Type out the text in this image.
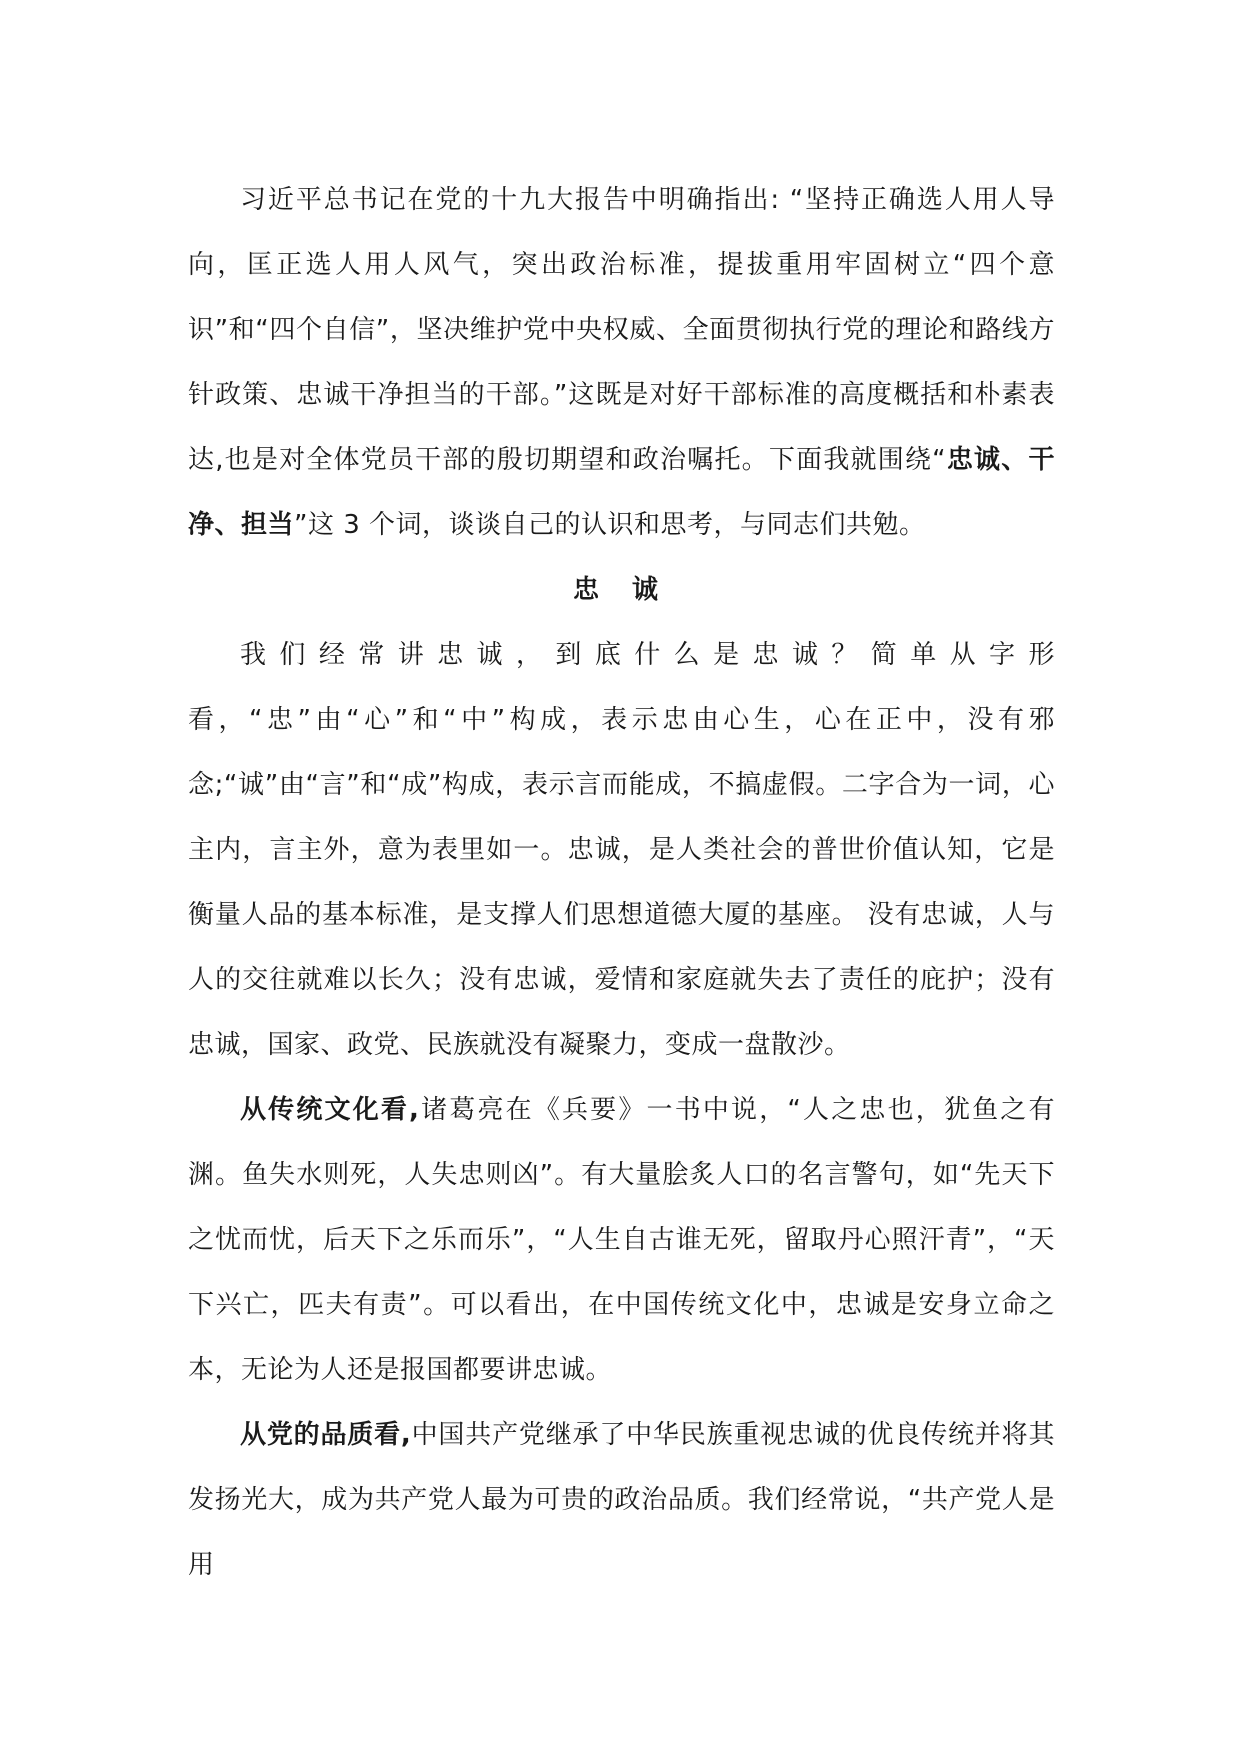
习近平总书记在党的十九大报告中明确指出: “坚持正确选人用人导向，匡正选人用人风气，突出政治标准，提拔重用牢固树立“四个意识”和“四个自信”，坚决维护党中央权威、全面贯彻执行党的理论和路线方针政策、忠诚干净担当的干部。”这既是对好干部标准的高度概括和朴素表达,也是对全体党员干部的殷切期望和政治嘱托。下面我就围绕“忠诚、干净、担当”这 3 个词，谈谈自己的认识和思考，与同志们共勉。

忠 诚

我们经常讲忠诚，到底什么是忠诚？简单从字形看，“忠”由“心”和“中”构成，表示忠由心生，心在正中，没有邪念;“诚”由“言”和“成”构成，表示言而能成，不搞虚假。二字合为一词，心主内，言主外，意为表里如一。忠诚，是人类社会的普世价值认知，它是衡量人品的基本标准，是支撑人们思想道德大厦的基座。 没有忠诚，人与人的交往就难以长久；没有忠诚，爱情和家庭就失去了责任的庇护；没有忠诚，国家、政党、民族就没有凝聚力，变成一盘散沙。

从传统文化看,诸葛亮在《兵要》一书中说，“人之忠也，犹鱼之有渊。鱼失水则死，人失忠则凶”。有大量脍炙人口的名言警句，如“先天下之忧而忧，后天下之乐而乐”，“人生自古谁无死，留取丹心照汗青”，“天下兴亡，匹夫有责”。可以看出，在中国传统文化中，忠诚是安身立命之本，无论为人还是报国都要讲忠诚。

从党的品质看,中国共产党继承了中华民族重视忠诚的优良传统并将其发扬光大，成为共产党人最为可贵的政治品质。我们经常说，“共产党人是用
